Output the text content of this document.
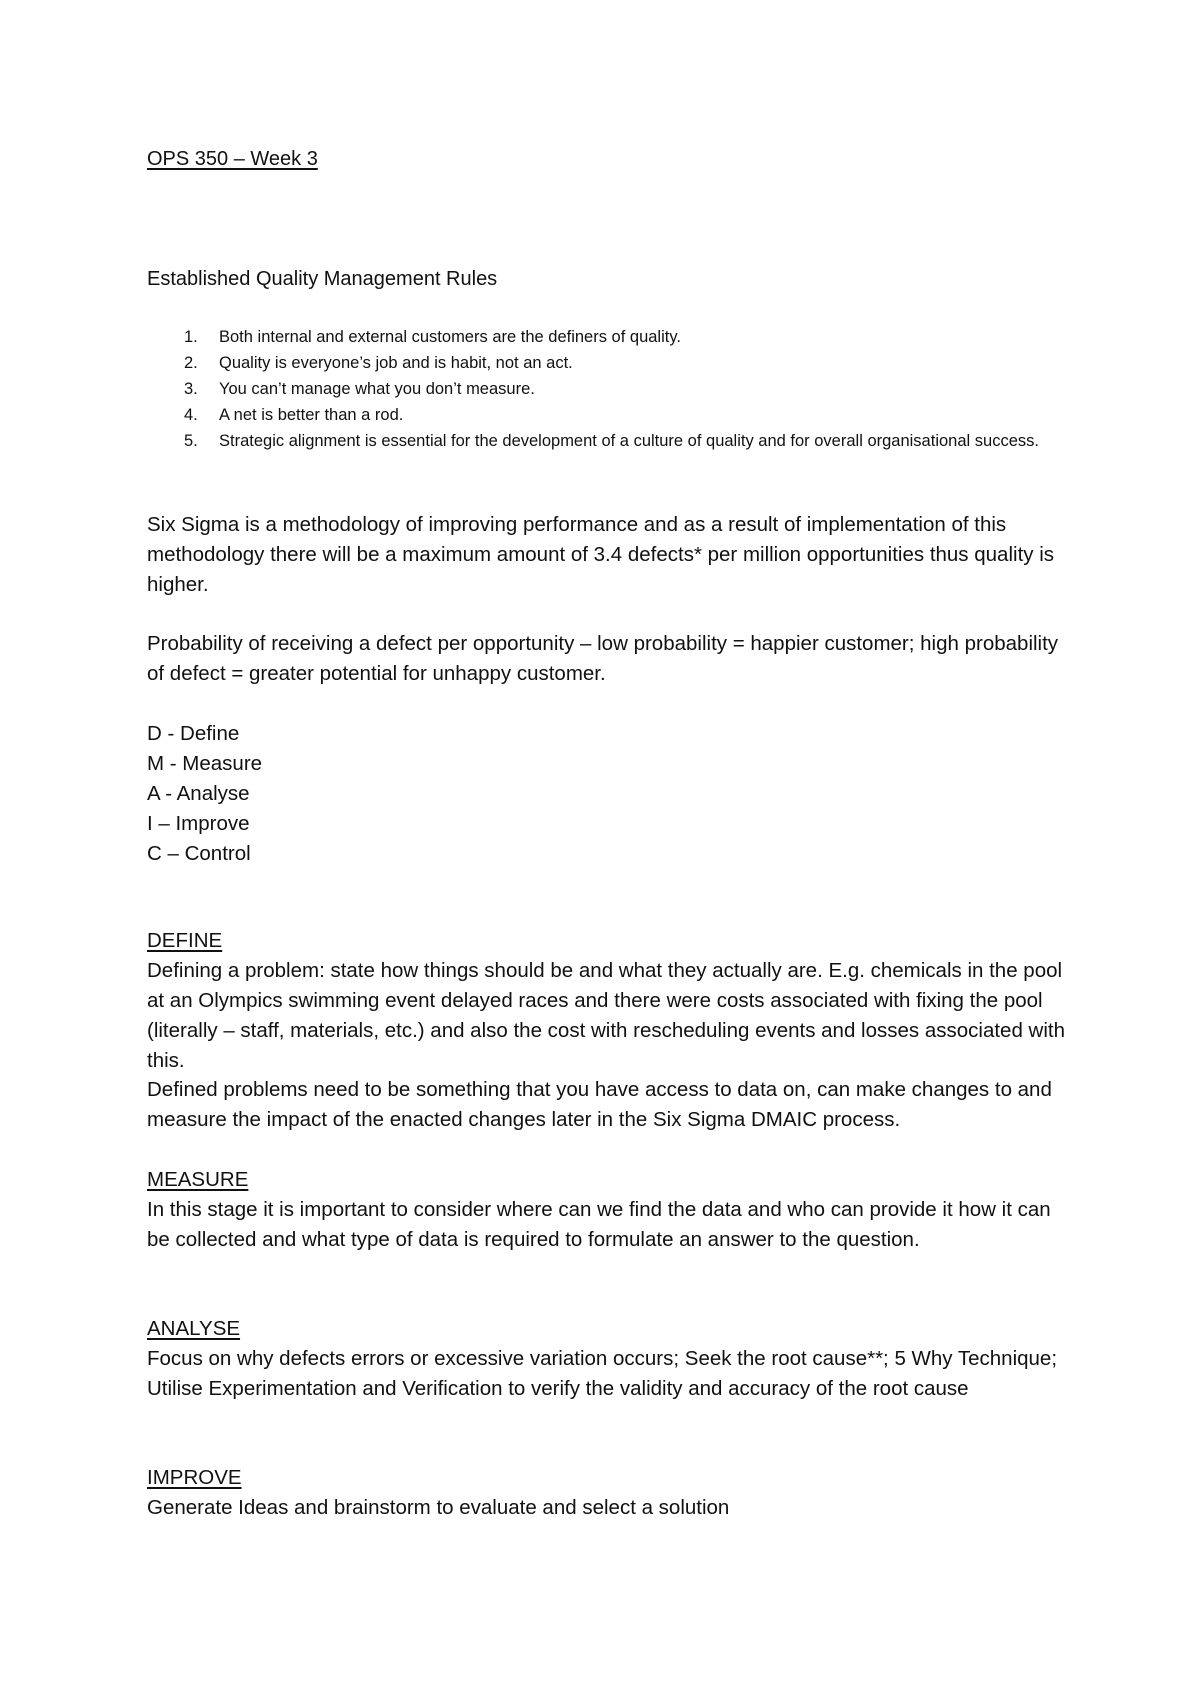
OPS 350 – Week 3

Established Quality Management Rules

1. Both internal and external customers are the definers of quality.
2. Quality is everyone’s job and is habit, not an act.
3. You can’t manage what you don’t measure.
4. A net is better than a rod.
5. Strategic alignment is essential for the development of a culture of quality and for overall organisational success.

Six Sigma is a methodology of improving performance and as a result of implementation of this methodology there will be a maximum amount of 3.4 defects* per million opportunities thus quality is higher.

Probability of receiving a defect per opportunity – low probability = happier customer; high probability of defect = greater potential for unhappy customer.

D - Define
M - Measure
A - Analyse
I – Improve
C – Control
DEFINE
Defining a problem: state how things should be and what they actually are. E.g. chemicals in the pool at an Olympics swimming event delayed races and there were costs associated with fixing the pool (literally – staff, materials, etc.) and also the cost with rescheduling events and losses associated with this.

Defined problems need to be something that you have access to data on, can make changes to and measure the impact of the enacted changes later in the Six Sigma DMAIC process.

MEASURE
In this stage it is important to consider where can we find the data and who can provide it how it can be collected and what type of data is required to formulate an answer to the question.
ANALYSE
Focus on why defects errors or excessive variation occurs; Seek the root cause**; 5 Why Technique; Utilise Experimentation and Verification to verify the validity and accuracy of the root cause
IMPROVE
Generate Ideas and brainstorm to evaluate and select a solution
